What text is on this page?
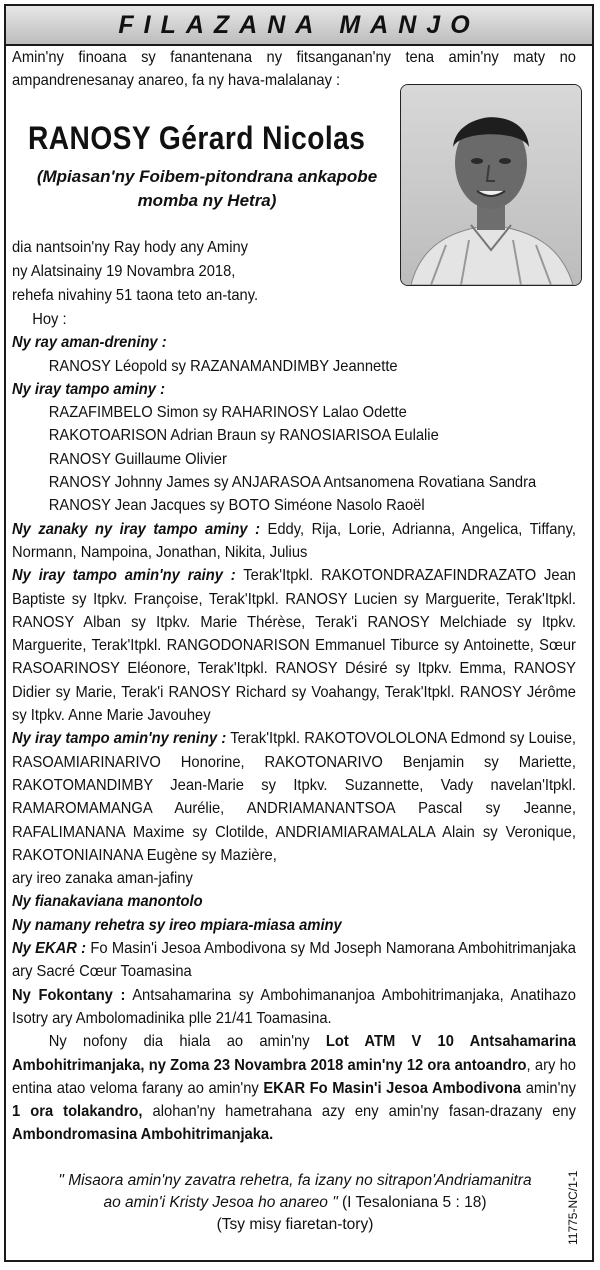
FILAZANA MANJO

Amin'ny finoana sy fanantenana ny fitsanganan'ny tena amin'ny maty no ampandrenesanay anareo, fa ny hava-malalanay :

RANOSY Gérard Nicolas
(Mpiasan'ny Foibem-pitondrana ankapobe
momba ny Hetra)
dia nantsoin'ny Ray hody any Aminy
ny Alatsinainy 19 Novambra 2018,
rehefa nivahiny 51 taona teto an-tany.

Hoy :

Ny ray aman-dreniny :

RANOSY Léopold sy RAZANAMANDIMBY Jeannette

Ny iray tampo aminy :

RAZAFIMBELO Simon sy RAHARINOSY Lalao Odette

RAKOTOARISON Adrian Braun sy RANOSIARISOA Eulalie

RANOSY Guillaume Olivier

RANOSY Johnny James sy ANJARASOA Antsanomena Rovatiana Sandra

RANOSY Jean Jacques sy BOTO Siméone Nasolo Raoël

Ny zanaky ny iray tampo aminy : Eddy, Rija, Lorie, Adrianna, Angelica, Tiffany, Normann, Nampoina, Jonathan, Nikita, Julius

Ny iray tampo amin'ny rainy : Terak'Itpkl. RAKOTONDRAZAFINDRAZATO Jean Baptiste sy Itpkv. Françoise, Terak'Itpkl. RANOSY Lucien sy Marguerite, Terak'Itpkl. RANOSY Alban sy Itpkv. Marie Thérèse, Terak'i RANOSY Melchiade sy Itpkv. Marguerite, Terak'Itpkl. RANGODONARISON Emmanuel Tiburce sy Antoinette, Sœur RASOARINOSY Eléonore, Terak'Itpkl. RANOSY Désiré sy Itpkv. Emma, RANOSY Didier sy Marie, Terak'i RANOSY Richard sy Voahangy, Terak'Itpkl. RANOSY Jérôme sy Itpkv. Anne Marie Javouhey

Ny iray tampo amin'ny reniny : Terak'Itpkl. RAKOTOVOLOLONA Edmond sy Louise, RASOAMIARINARIVO Honorine, RAKOTONARIVO Benjamin sy Mariette, RAKOTOMANDIMBY Jean-Marie sy Itpkv. Suzannette, Vady navelan'Itpkl. RAMAROMAMANGA Aurélie, ANDRIAMANANTSOA Pascal sy Jeanne, RAFALIMANANA Maxime sy Clotilde, ANDRIAMIARAMALALA Alain sy Veronique, RAKOTONIAINANA Eugène sy Mazière,

ary ireo zanaka aman-jafiny

Ny fianakaviana manontolo

Ny namany rehetra sy ireo mpiara-miasa aminy

Ny EKAR : Fo Masin'i Jesoa Ambodivona sy Md Joseph Namorana Ambohitrimanjaka ary Sacré Cœur Toamasina

Ny Fokontany : Antsahamarina sy Ambohimananjoa Ambohitrimanjaka, Anatihazo Isotry ary Ambolomadinika plle 21/41 Toamasina.

Ny nofony dia hiala ao amin'ny Lot ATM V 10 Antsahamarina Ambohitrimanjaka, ny Zoma 23 Novambra 2018 amin'ny 12 ora antoandro, ary ho entina atao veloma farany ao amin'ny EKAR Fo Masin'i Jesoa Ambodivona amin'ny 1 ora tolakandro, alohan'ny hametrahana azy eny amin'ny fasan-drazany eny Ambondromasina Ambohitrimanjaka.

" Misaora amin'ny zavatra rehetra, fa izany no sitrapon'Andriamanitra
ao amin'i Kristy Jesoa ho anareo " (I Tesaloniana 5 : 18)
(Tsy misy fiaretan-tory)	11775-NC/1-1
